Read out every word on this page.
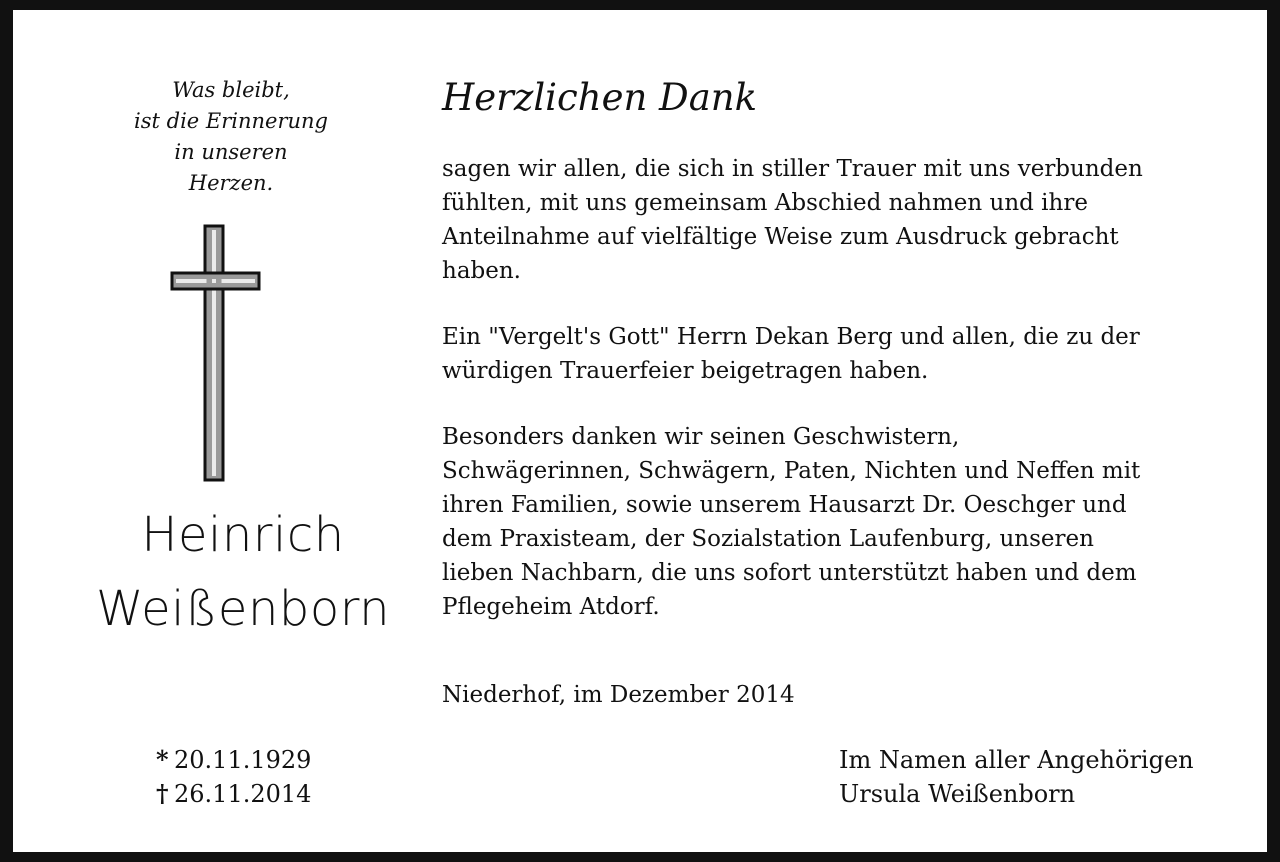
Was bleibt,
ist die Erinnerung
in unseren
Herzen.
Heinrich
Weißenborn
* 20.11.1929
† 26.11.2014
Herzlichen Dank
sagen wir allen, die sich in stiller Trauer mit uns verbunden
fühlten, mit uns gemeinsam Abschied nahmen und ihre
Anteilnahme auf vielfältige Weise zum Ausdruck gebracht
haben.
Ein "Vergelt's Gott" Herrn Dekan Berg und allen, die zu der
würdigen Trauerfeier beigetragen haben.
Besonders danken wir seinen Geschwistern,
Schwägerinnen, Schwägern, Paten, Nichten und Neffen mit
ihren Familien, sowie unserem Hausarzt Dr. Oeschger und
dem Praxisteam, der Sozialstation Laufenburg, unseren
lieben Nachbarn, die uns sofort unterstützt haben und dem
Pflegeheim Atdorf.
Niederhof, im Dezember 2014
Im Namen aller Angehörigen
Ursula Weißenborn
